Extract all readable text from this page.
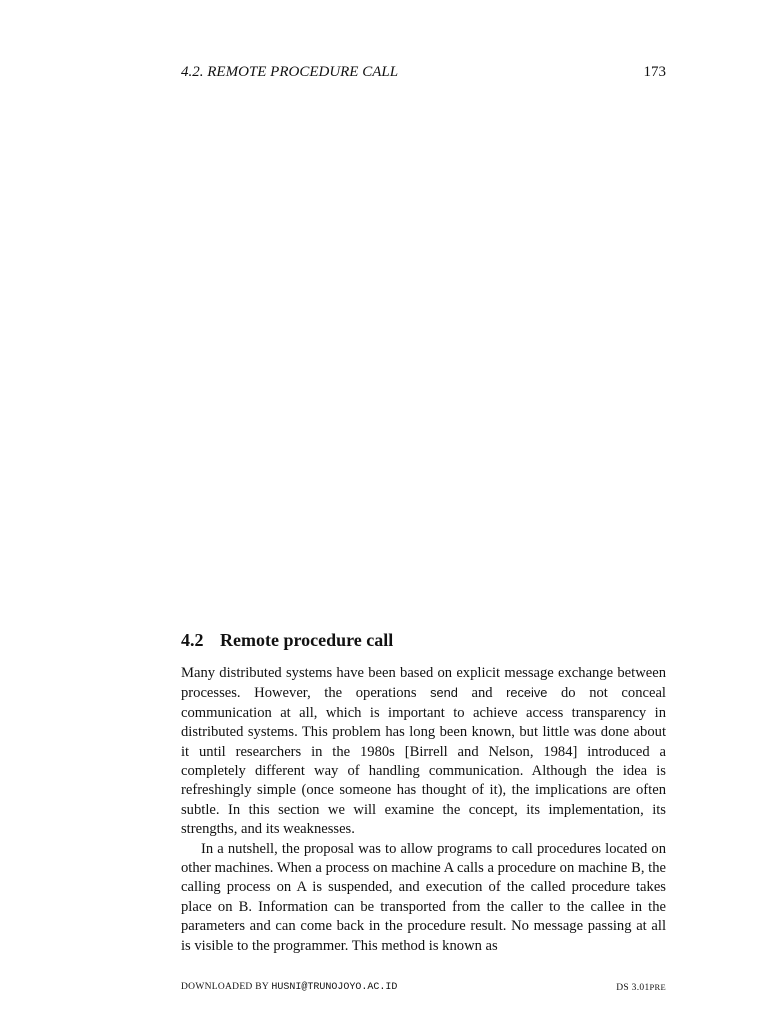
4.2. REMOTE PROCEDURE CALL	173
4.2 Remote procedure call

Many distributed systems have been based on explicit message exchange between processes. However, the operations send and receive do not conceal communication at all, which is important to achieve access transparency in distributed systems. This problem has long been known, but little was done about it until researchers in the 1980s [Birrell and Nelson, 1984] introduced a completely different way of handling communication. Although the idea is refreshingly simple (once someone has thought of it), the implications are often subtle. In this section we will examine the concept, its implementation, its strengths, and its weaknesses.

In a nutshell, the proposal was to allow programs to call procedures located on other machines. When a process on machine A calls a procedure on machine B, the calling process on A is suspended, and execution of the called procedure takes place on B. Information can be transported from the caller to the callee in the parameters and can come back in the procedure result. No message passing at all is visible to the programmer. This method is known as

DOWNLOADED BY HUSNI@TRUNOJOYO.AC.ID	DS 3.01PRE
